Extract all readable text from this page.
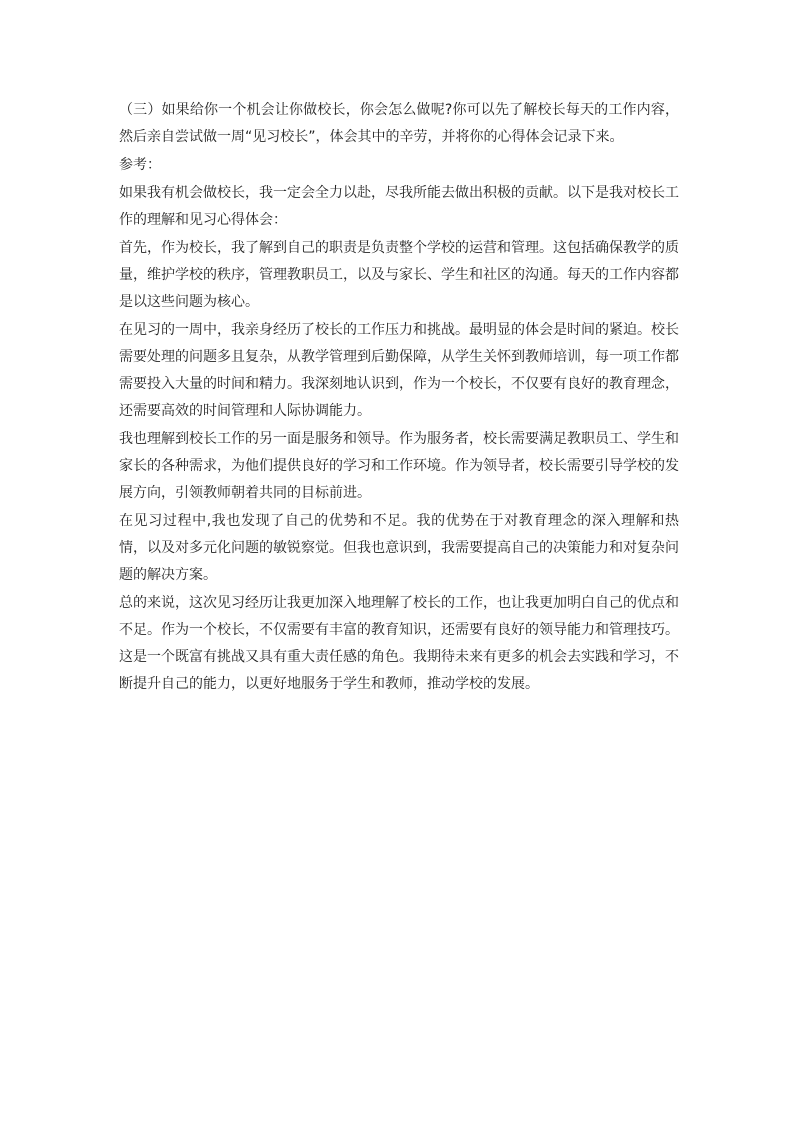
（三）如果给你一个机会让你做校长，你会怎么做呢?你可以先了解校长每天的工作内容，然后亲自尝试做一周“见习校长”，体会其中的辛劳，并将你的心得体会记录下来。

参考：

如果我有机会做校长，我一定会全力以赴，尽我所能去做出积极的贡献。以下是我对校长工作的理解和见习心得体会：

首先，作为校长，我了解到自己的职责是负责整个学校的运营和管理。这包括确保教学的质量，维护学校的秩序，管理教职员工，以及与家长、学生和社区的沟通。每天的工作内容都是以这些问题为核心。

在见习的一周中，我亲身经历了校长的工作压力和挑战。最明显的体会是时间的紧迫。校长需要处理的问题多且复杂，从教学管理到后勤保障，从学生关怀到教师培训，每一项工作都需要投入大量的时间和精力。我深刻地认识到，作为一个校长，不仅要有良好的教育理念，还需要高效的时间管理和人际协调能力。

我也理解到校长工作的另一面是服务和领导。作为服务者，校长需要满足教职员工、学生和家长的各种需求，为他们提供良好的学习和工作环境。作为领导者，校长需要引导学校的发展方向，引领教师朝着共同的目标前进。

在见习过程中,我也发现了自己的优势和不足。我的优势在于对教育理念的深入理解和热情，以及对多元化问题的敏锐察觉。但我也意识到，我需要提高自己的决策能力和对复杂问题的解决方案。

总的来说，这次见习经历让我更加深入地理解了校长的工作，也让我更加明白自己的优点和不足。作为一个校长，不仅需要有丰富的教育知识，还需要有良好的领导能力和管理技巧。这是一个既富有挑战又具有重大责任感的角色。我期待未来有更多的机会去实践和学习，不断提升自己的能力，以更好地服务于学生和教师，推动学校的发展。
